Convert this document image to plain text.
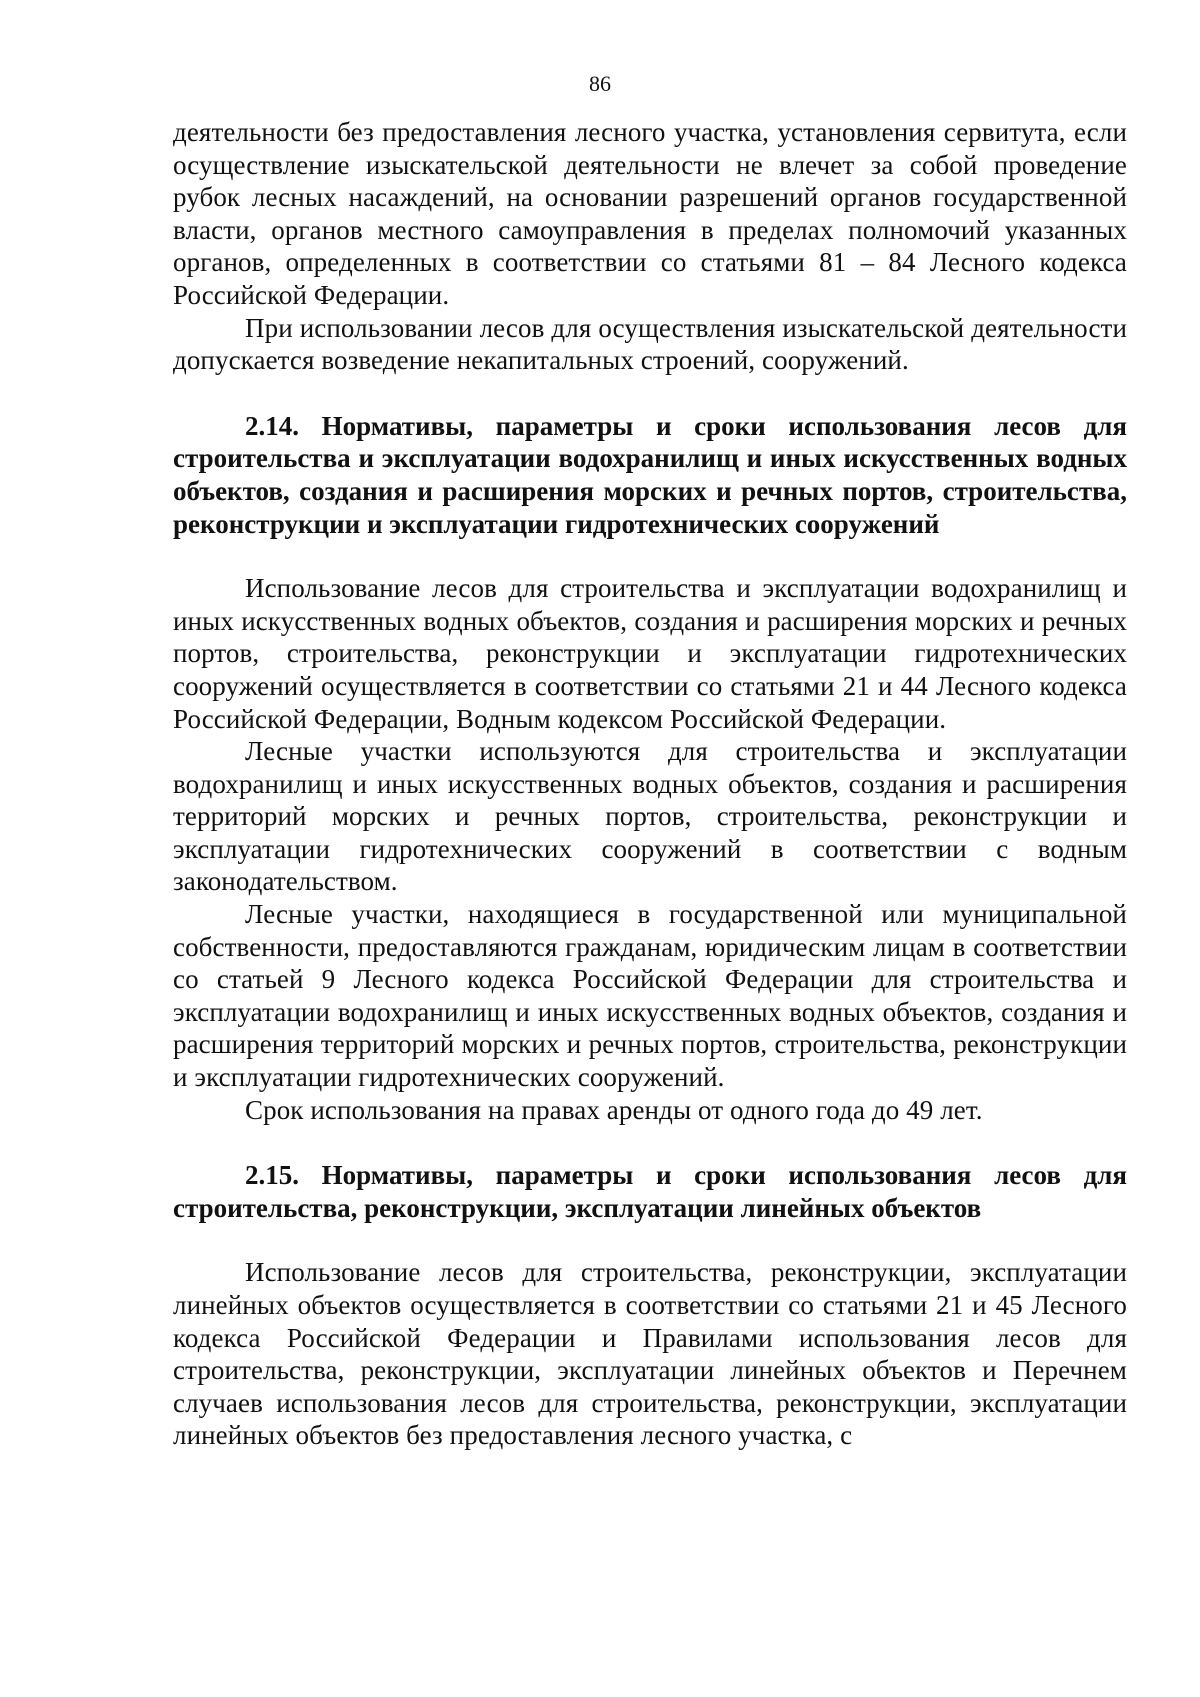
86

деятельности без предоставления лесного участка, установления сервитута, если осуществление изыскательской деятельности не влечет за собой проведение рубок лесных насаждений, на основании разрешений органов государственной власти, органов местного самоуправления в пределах полномочий указанных органов, определенных в соответствии со статьями 81 – 84 Лесного кодекса Российской Федерации.

При использовании лесов для осуществления изыскательской деятельности допускается возведение некапитальных строений, сооружений.

2.14. Нормативы, параметры и сроки использования лесов для строительства и эксплуатации водохранилищ и иных искусственных водных объектов, создания и расширения морских и речных портов, строительства, реконструкции и эксплуатации гидротехнических сооружений

Использование лесов для строительства и эксплуатации водохранилищ и иных искусственных водных объектов, создания и расширения морских и речных портов, строительства, реконструкции и эксплуатации гидротехнических сооружений осуществляется в соответствии со статьями 21 и 44 Лесного кодекса Российской Федерации, Водным кодексом Российской Федерации.

Лесные участки используются для строительства и эксплуатации водохранилищ и иных искусственных водных объектов, создания и расширения территорий морских и речных портов, строительства, реконструкции и эксплуатации гидротехнических сооружений в соответствии с водным законодательством.

Лесные участки, находящиеся в государственной или муниципальной собственности, предоставляются гражданам, юридическим лицам в соответствии со статьей 9 Лесного кодекса Российской Федерации для строительства и эксплуатации водохранилищ и иных искусственных водных объектов, создания и расширения территорий морских и речных портов, строительства, реконструкции и эксплуатации гидротехнических сооружений.

Срок использования на правах аренды от одного года до 49 лет.

2.15. Нормативы, параметры и сроки использования лесов для строительства, реконструкции, эксплуатации линейных объектов

Использование лесов для строительства, реконструкции, эксплуатации линейных объектов осуществляется в соответствии со статьями 21 и 45 Лесного кодекса Российской Федерации и Правилами использования лесов для строительства, реконструкции, эксплуатации линейных объектов и Перечнем случаев использования лесов для строительства, реконструкции, эксплуатации линейных объектов без предоставления лесного участка, с
